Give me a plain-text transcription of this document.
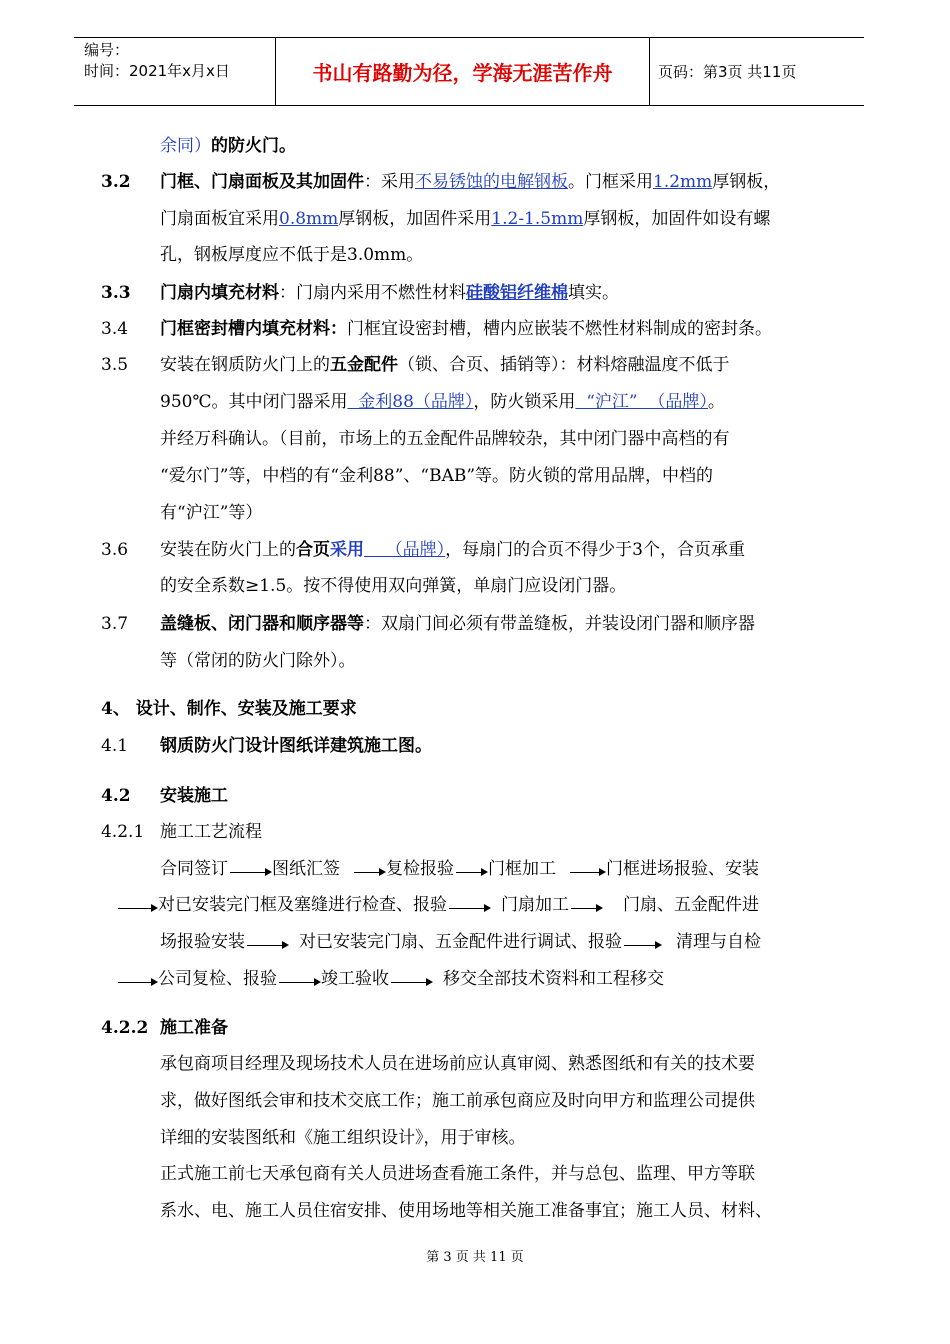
编号：
时间：2021年x月x日	书山有路勤为径，学海无涯苦作舟	页码：第3页 共11页
余同）的防火门。
3.2 门框、门扇面板及其加固件：采用不易锈蚀的电解钢板。门框采用1.2mm厚钢板，
门扇面板宜采用0.8mm厚钢板，加固件采用1.2-1.5mm厚钢板，加固件如设有螺
孔，钢板厚度应不低于是3.0mm。
3.3 门扇内填充材料：门扇内采用不燃性材料硅酸铝纤维棉填实。
3.4 门框密封槽内填充材料：门框宜设密封槽，槽内应嵌装不燃性材料制成的密封条。
3.5 安装在钢质防火门上的五金配件（锁、合页、插销等）：材料熔融温度不低于
950℃。其中闭门器采用  金利88（品牌），防火锁采用  “沪江”  （品牌）。
并经万科确认。（目前，市场上的五金配件品牌较杂，其中闭门器中高档的有
“爱尔门”等，中档的有“金利88”、“BAB”等。防火锁的常用品牌，中档的
有“沪江”等）
3.6 安装在防火门上的合页采用    （品牌），每扇门的合页不得少于3个，合页承重
的安全系数≥1.5。按不得使用双向弹簧，单扇门应设闭门器。
3.7 盖缝板、闭门器和顺序器等：双扇门间必须有带盖缝板，并装设闭门器和顺序器
等（常闭的防火门除外）。
4、 设计、制作、安装及施工要求
4.1 钢质防火门设计图纸详建筑施工图。
4.2 安装施工
4.2.1 施工工艺流程
合同签订	图纸汇签	复检报验 门框加工	门框进场报验、安装
对已安装完门框及塞缝进行检查、报验	门扇加工	门扇、五金配件进
场报验安装	对已安装完门扇、五金配件进行调试、报验	清理与自检
公司复检、报验	竣工验收	移交全部技术资料和工程移交
4.2.2 施工准备
承包商项目经理及现场技术人员在进场前应认真审阅、熟悉图纸和有关的技术要
求，做好图纸会审和技术交底工作；施工前承包商应及时向甲方和监理公司提供
详细的安装图纸和《施工组织设计》，用于审核。
正式施工前七天承包商有关人员进场查看施工条件，并与总包、监理、甲方等联
系水、电、施工人员住宿安排、使用场地等相关施工准备事宜；施工人员、材料、
第 3 页 共 11 页
